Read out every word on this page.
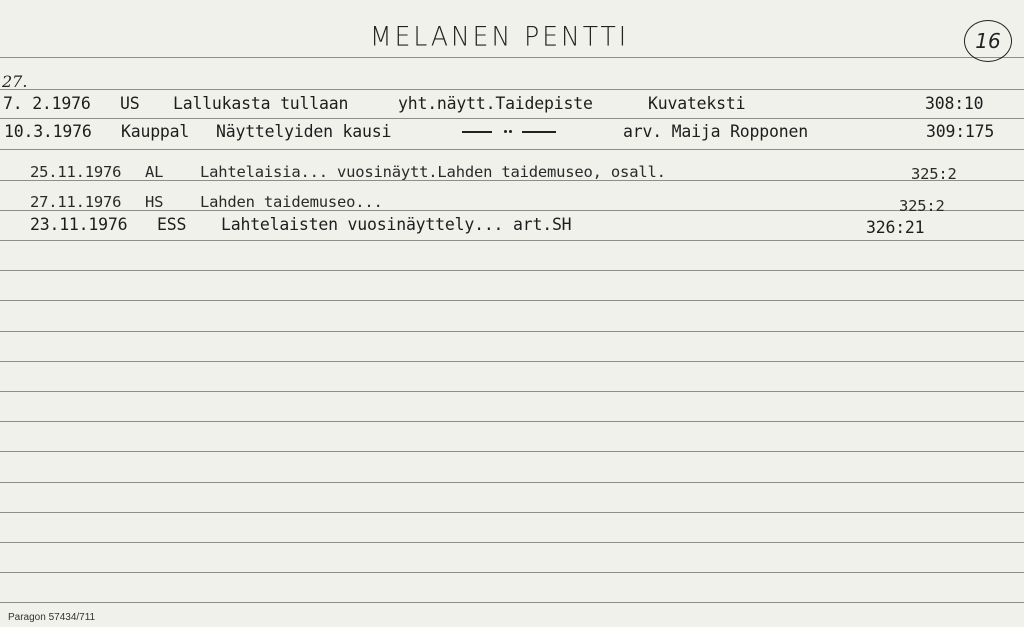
MELANEN PENTTI	16
27.
7. 2.1976 US Lallukasta tullaan	yht.näytt.Taidepiste	Kuvateksti	308:10
10.3.1976 Kauppal Näyttelyiden kausi	arv. Maija Ropponen	309:175
25.11.1976 AL Lahtelaisia... vuosinäytt.Lahden taidemuseo, osall.	325:2
27.11.1976 HS Lahden taidemuseo...	325:2
23.11.1976 ESS Lahtelaisten vuosinäyttely... art.SH	326:21
Paragon 57434/711
